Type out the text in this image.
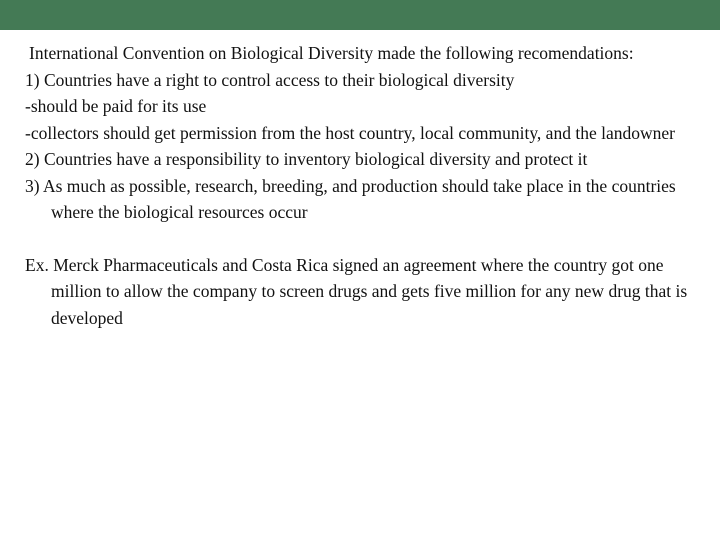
International Convention on Biological Diversity made the following recomendations:

1) Countries have a right to control access to their biological diversity

-should be paid for its use

-collectors should get permission from the host country, local community, and the landowner

2) Countries have a responsibility to inventory biological diversity and protect it

3) As much as possible, research, breeding, and production should take place in the countries where the biological resources occur

Ex. Merck Pharmaceuticals and Costa Rica signed an agreement where the country got one million to allow the company to screen drugs and gets five million for any new drug that is developed
